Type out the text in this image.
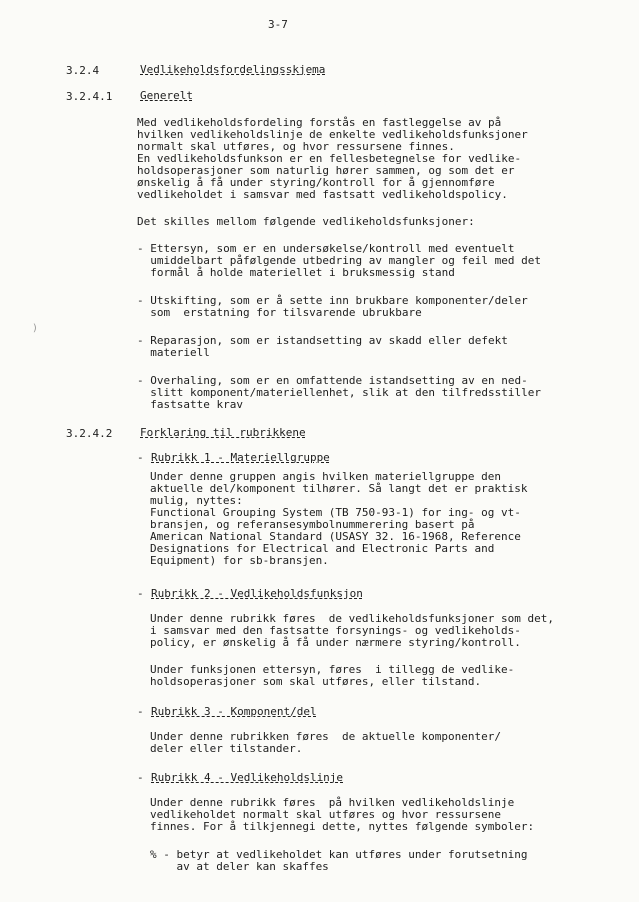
3-7
3.2.4	Vedlikeholdsfordelingsskjema
3.2.4.1	Generelt
Med vedlikeholdsfordeling forstås en fastleggelse av på
hvilken vedlikeholdslinje de enkelte vedlikeholdsfunksjoner
normalt skal utføres, og hvor ressursene finnes.
En vedlikeholdsfunkson er en fellesbetegnelse for vedlike-
holdsoperasjoner som naturlig hører sammen, og som det er
ønskelig å få under styring/kontroll for å gjennomføre
vedlikeholdet i samsvar med fastsatt vedlikeholdspolicy.
Det skilles mellom følgende vedlikeholdsfunksjoner:
- Ettersyn, som er en undersøkelse/kontroll med eventuelt
umiddelbart påfølgende utbedring av mangler og feil med det
formål å holde materiellet i bruksmessig stand
- Utskifting, som er å sette inn brukbare komponenter/deler
som  erstatning for tilsvarende ubrukbare
- Reparasjon, som er istandsetting av skadd eller defekt
materiell
- Overhaling, som er en omfattende istandsetting av en ned-
slitt komponent/materiellenhet, slik at den tilfredsstiller
fastsatte krav
3.2.4.2	Forklaring til rubrikkene
- Rubrikk 1 - Materiellgruppe
Under denne gruppen angis hvilken materiellgruppe den
aktuelle del/komponent tilhører. Så langt det er praktisk
mulig, nyttes:
Functional Grouping System (TB 750-93-1) for ing- og vt-
bransjen, og referansesymbolnummerering basert på
American National Standard (USASY 32. 16-1968, Reference
Designations for Electrical and Electronic Parts and
Equipment) for sb-bransjen.
- Rubrikk 2 - Vedlikeholdsfunksjon
Under denne rubrikk føres  de vedlikeholdsfunksjoner som det,
i samsvar med den fastsatte forsynings- og vedlikeholds-
policy, er ønskelig å få under nærmere styring/kontroll.
Under funksjonen ettersyn, føres  i tillegg de vedlike-
holdsoperasjoner som skal utføres, eller tilstand.
- Rubrikk 3 - Komponent/del
Under denne rubrikken føres  de aktuelle komponenter/
deler eller tilstander.
- Rubrikk 4 - Vedlikeholdslinje
Under denne rubrikk føres  på hvilken vedlikeholdslinje
vedlikeholdet normalt skal utføres og hvor ressursene
finnes. For å tilkjennegi dette, nyttes følgende symboler:
% - betyr at vedlikeholdet kan utføres under forutsetning
av at deler kan skaffes
)
